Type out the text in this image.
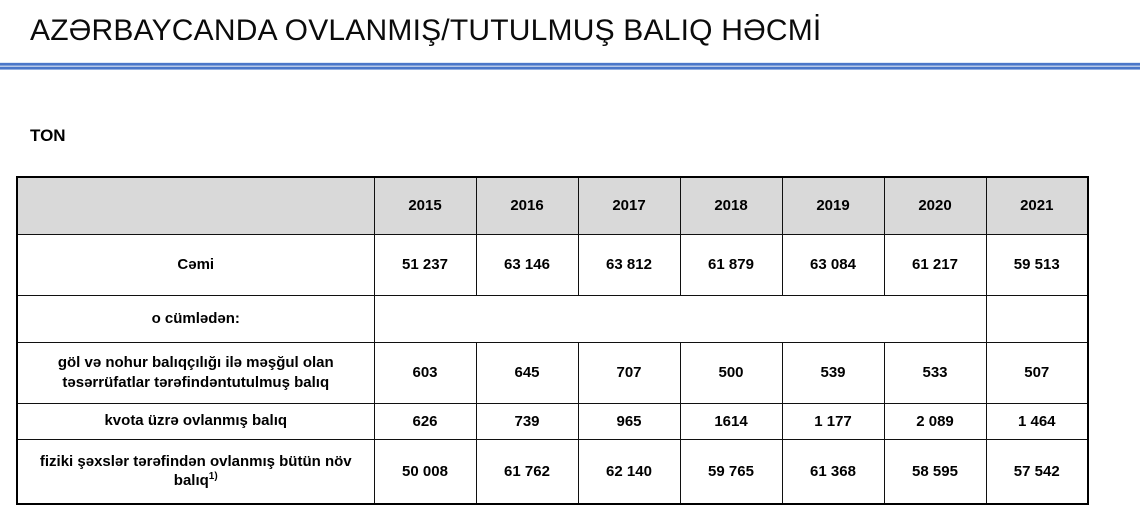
AZƏRBAYCANDA OVLANMIŞ/TUTULMUŞ BALIQ HƏCMİ
TON
	2015	2016	2017	2018	2019	2020	2021
Cəmi	51 237	63 146	63 812	61 879	63 084	61 217	59 513
o cümlədən:							
göl və nohur balıqçılığı ilə məşğul olan təsərrüfatlar tərəfindəntutulmuş balıq	603	645	707	500	539	533	507
kvota üzrə ovlanmış balıq	626	739	965	1614	1 177	2 089	1 464
fiziki şəxslər tərəfindən ovlanmış bütün növ balıq$^{1)}$	50 008	61 762	62 140	59 765	61 368	58 595	57 542
